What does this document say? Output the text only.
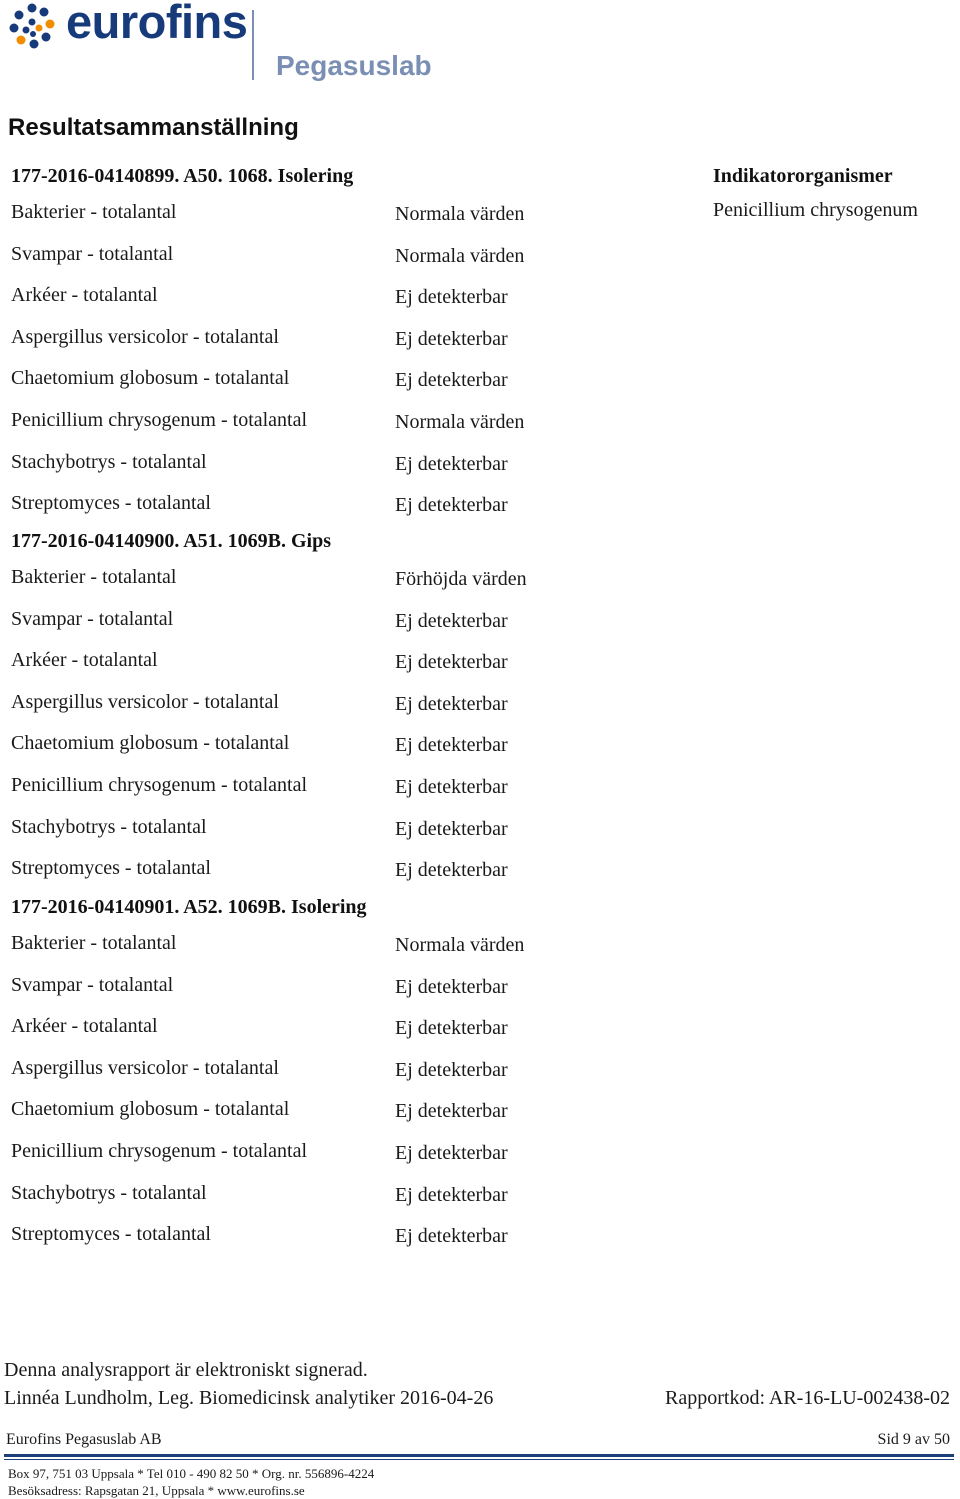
eurofins
Pegasuslab
Resultatsammanställning
Indikatororganismer
Penicillium chrysogenum
177-2016-04140899. A50. 1068. Isolering
Bakterier - totalantal	Normala värden
Svampar - totalantal	Normala värden
Arkéer - totalantal	Ej detekterbar
Aspergillus versicolor - totalantal	Ej detekterbar
Chaetomium globosum - totalantal	Ej detekterbar
Penicillium chrysogenum - totalantal	Normala värden
Stachybotrys - totalantal	Ej detekterbar
Streptomyces - totalantal	Ej detekterbar
177-2016-04140900. A51. 1069B. Gips
Bakterier - totalantal	Förhöjda värden
Svampar - totalantal	Ej detekterbar
Arkéer - totalantal	Ej detekterbar
Aspergillus versicolor - totalantal	Ej detekterbar
Chaetomium globosum - totalantal	Ej detekterbar
Penicillium chrysogenum - totalantal	Ej detekterbar
Stachybotrys - totalantal	Ej detekterbar
Streptomyces - totalantal	Ej detekterbar
177-2016-04140901. A52. 1069B. Isolering
Bakterier - totalantal	Normala värden
Svampar - totalantal	Ej detekterbar
Arkéer - totalantal	Ej detekterbar
Aspergillus versicolor - totalantal	Ej detekterbar
Chaetomium globosum - totalantal	Ej detekterbar
Penicillium chrysogenum - totalantal	Ej detekterbar
Stachybotrys - totalantal	Ej detekterbar
Streptomyces - totalantal	Ej detekterbar
Denna analysrapport är elektroniskt signerad.
Linnéa Lundholm, Leg. Biomedicinsk analytiker 2016-04-26	Rapportkod: AR-16-LU-002438-02
Eurofins Pegasuslab AB	Sid 9 av 50
Box 97, 751 03 Uppsala * Tel 010 - 490 82 50 * Org. nr. 556896-4224
Besöksadress: Rapsgatan 21, Uppsala * www.eurofins.se
